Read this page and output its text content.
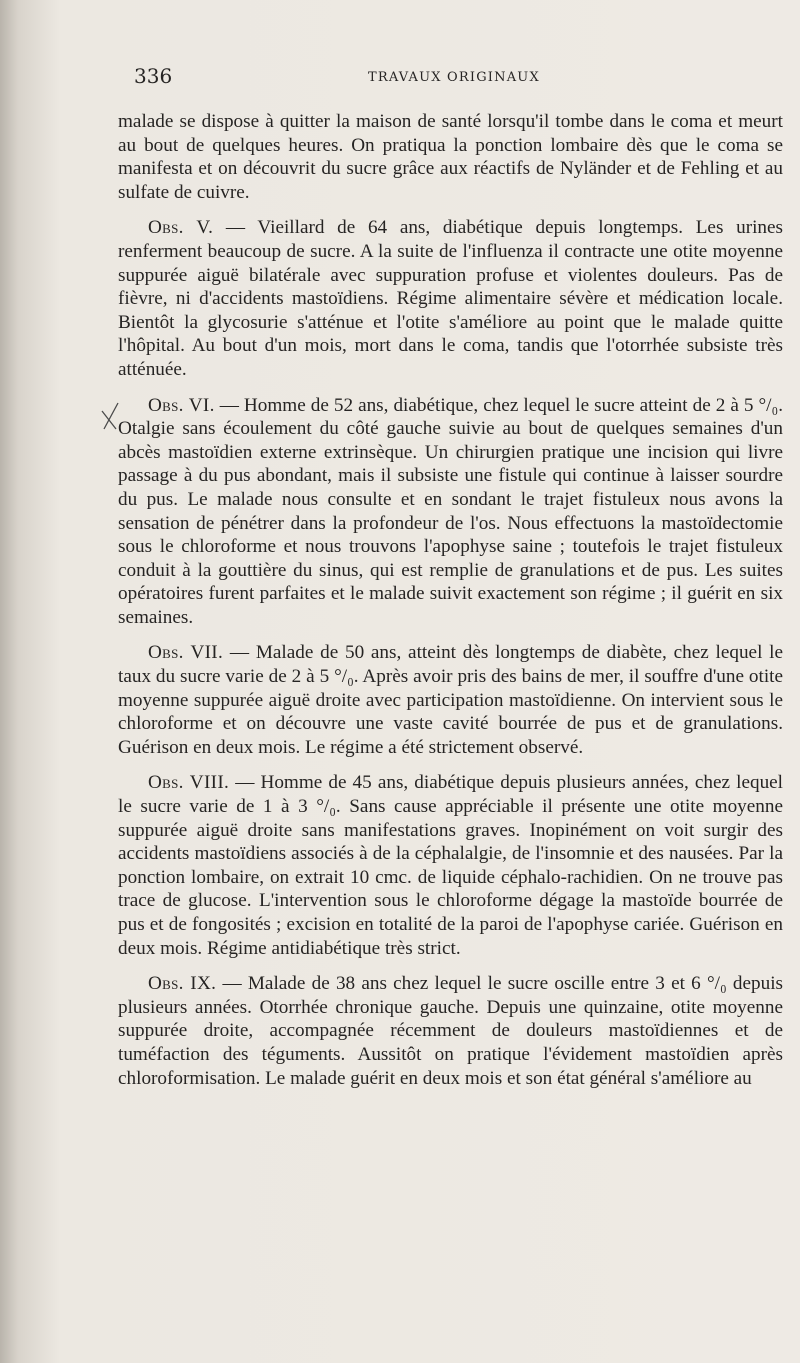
336	TRAVAUX ORIGINAUX

malade se dispose à quitter la maison de santé lorsqu'il tombe dans le coma et meurt au bout de quelques heures. On pratiqua la ponction lombaire dès que le coma se manifesta et on découvrit du sucre grâce aux réactifs de Nyländer et de Fehling et au sulfate de cuivre.

Obs. V. — Vieillard de 64 ans, diabétique depuis longtemps. Les urines renferment beaucoup de sucre. A la suite de l'influenza il contracte une otite moyenne suppurée aiguë bilatérale avec suppuration profuse et violentes douleurs. Pas de fièvre, ni d'accidents mastoïdiens. Régime alimentaire sévère et médication locale. Bientôt la glycosurie s'atténue et l'otite s'améliore au point que le malade quitte l'hôpital. Au bout d'un mois, mort dans le coma, tandis que l'otorrhée subsiste très atténuée.

Obs. VI. — Homme de 52 ans, diabétique, chez lequel le sucre atteint de 2 à 5 °/₀. Otalgie sans écoulement du côté gauche suivie au bout de quelques semaines d'un abcès mastoïdien externe extrinsèque. Un chirurgien pratique une incision qui livre passage à du pus abondant, mais il subsiste une fistule qui continue à laisser sourdre du pus. Le malade nous consulte et en sondant le trajet fistuleux nous avons la sensation de pénétrer dans la profondeur de l'os. Nous effectuons la mastoïdectomie sous le chloroforme et nous trouvons l'apophyse saine ; toutefois le trajet fistuleux conduit à la gouttière du sinus, qui est remplie de granulations et de pus. Les suites opératoires furent parfaites et le malade suivit exactement son régime ; il guérit en six semaines.

Obs. VII. — Malade de 50 ans, atteint dès longtemps de diabète, chez lequel le taux du sucre varie de 2 à 5 °/₀. Après avoir pris des bains de mer, il souffre d'une otite moyenne suppurée aiguë droite avec participation mastoïdienne. On intervient sous le chloroforme et on découvre une vaste cavité bourrée de pus et de granulations. Guérison en deux mois. Le régime a été strictement observé.

Obs. VIII. — Homme de 45 ans, diabétique depuis plusieurs années, chez lequel le sucre varie de 1 à 3 °/₀. Sans cause appréciable il présente une otite moyenne suppurée aiguë droite sans manifestations graves. Inopinément on voit surgir des accidents mastoïdiens associés à de la céphalalgie, de l'insomnie et des nausées. Par la ponction lombaire, on extrait 10 cmc. de liquide céphalo-rachidien. On ne trouve pas trace de glucose. L'intervention sous le chloroforme dégage la mastoïde bourrée de pus et de fongosités ; excision en totalité de la paroi de l'apophyse cariée. Guérison en deux mois. Régime antidiabétique très strict.

Obs. IX. — Malade de 38 ans chez lequel le sucre oscille entre 3 et 6 °/₀ depuis plusieurs années. Otorrhée chronique gauche. Depuis une quinzaine, otite moyenne suppurée droite, accompagnée récemment de douleurs mastoïdiennes et de tuméfaction des téguments. Aussitôt on pratique l'évidement mastoïdien après chloroformisation. Le malade guérit en deux mois et son état général s'améliore au
